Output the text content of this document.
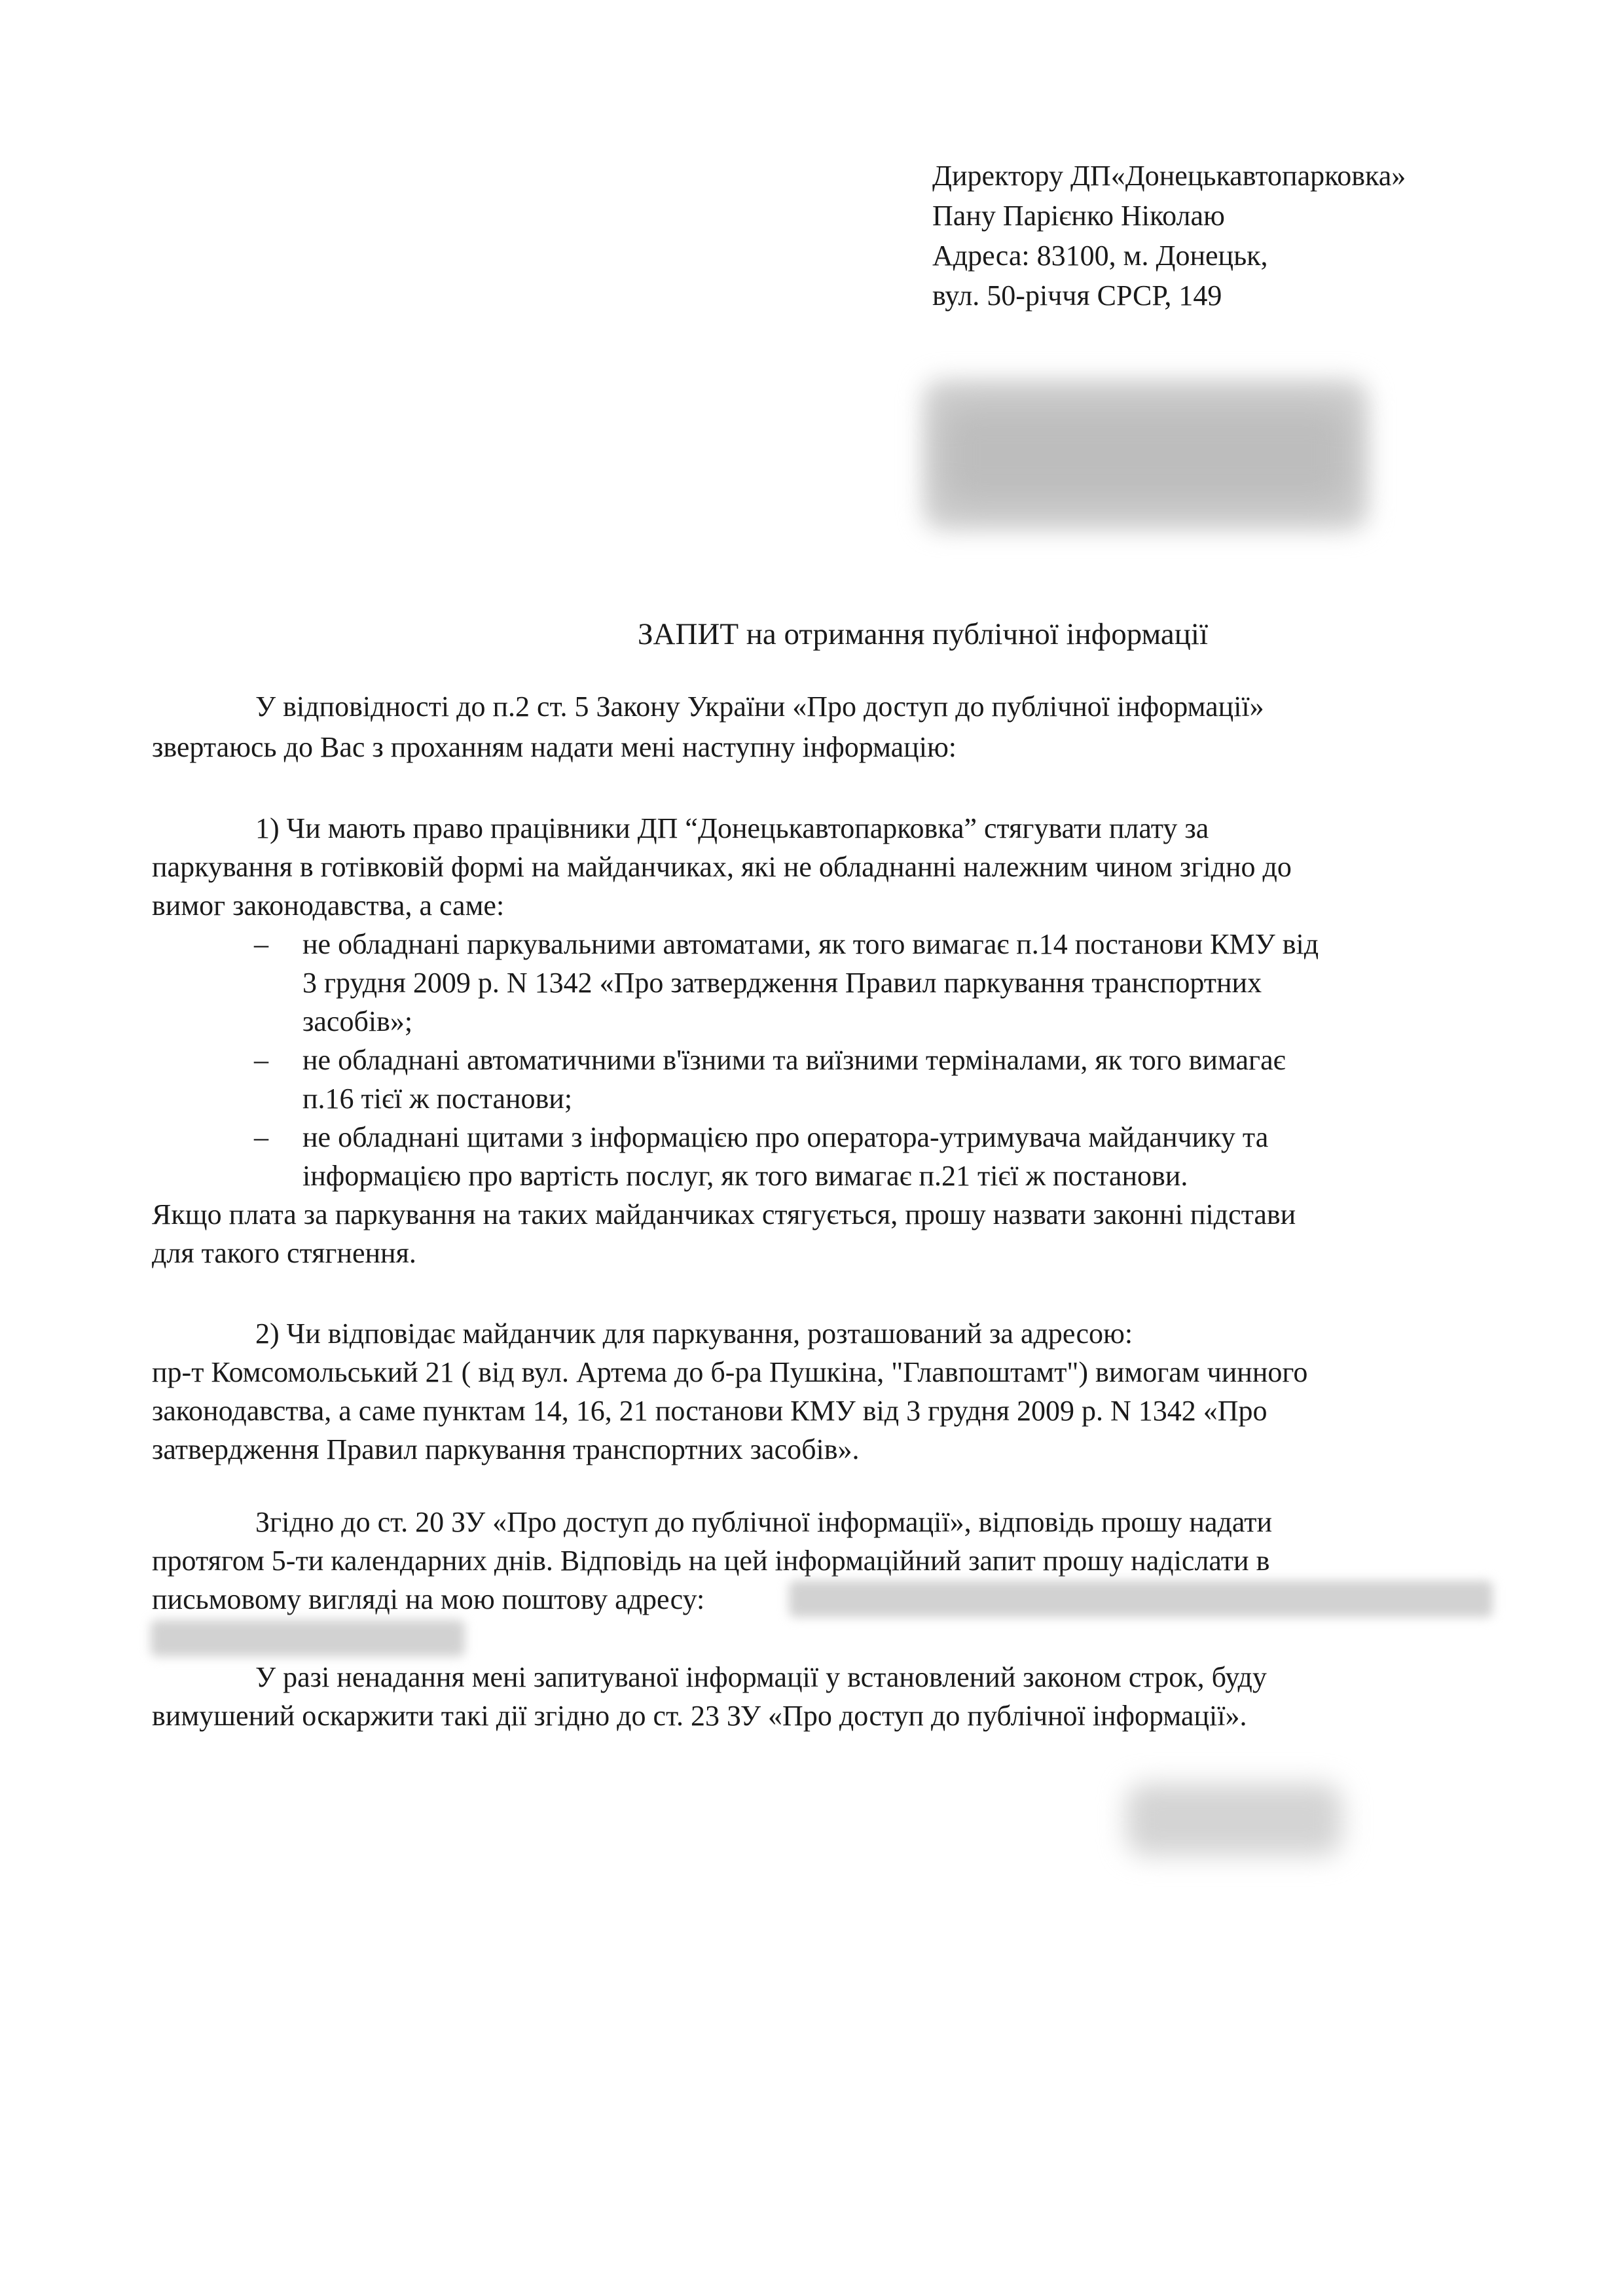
Директору ДП«Донецькавтопарковка»
Пану Парієнко Ніколаю
Адреса: 83100, м. Донецьк,
вул. 50-річчя СРСР, 149
ЗАПИТ на отримання публічної інформації
У відповідності до п.2 ст. 5 Закону України «Про доступ до публічної інформації»
звертаюсь до Вас з проханням надати мені наступну інформацію:
1) Чи мають право працівники ДП “Донецькавтопарковка” стягувати плату за
паркування в готівковій формі на майданчиках, які не обладнанні належним чином згідно до
вимог законодавства, а саме:
– не обладнані паркувальними автоматами, як того вимагає п.14 постанови КМУ від
3 грудня 2009 р. N 1342 «Про затвердження Правил паркування транспортних
засобів»;
– не обладнані автоматичними в'їзними та виїзними терміналами, як того вимагає
п.16 тієї ж постанови;
– не обладнані щитами з інформацією про оператора-утримувача майданчику та
інформацією про вартість послуг, як того вимагає п.21 тієї ж постанови.
Якщо плата за паркування на таких майданчиках стягується, прошу назвати законні підстави
для такого стягнення.
2) Чи відповідає майданчик для паркування, розташований за адресою:
пр-т Комсомольський 21 ( від вул. Артема до б-ра Пушкіна, "Главпоштамт") вимогам чинного
законодавства, а саме пунктам 14, 16, 21 постанови КМУ від 3 грудня 2009 р. N 1342 «Про
затвердження Правил паркування транспортних засобів».
Згідно до ст. 20 ЗУ «Про доступ до публічної інформації», відповідь прошу надати
протягом 5-ти календарних днів. Відповідь на цей інформаційний запит прошу надіслати в
письмовому вигляді на мою поштову адресу:
У разі ненадання мені запитуваної інформації у встановлений законом строк, буду
вимушений оскаржити такі дії згідно до ст. 23 ЗУ «Про доступ до публічної інформації».
